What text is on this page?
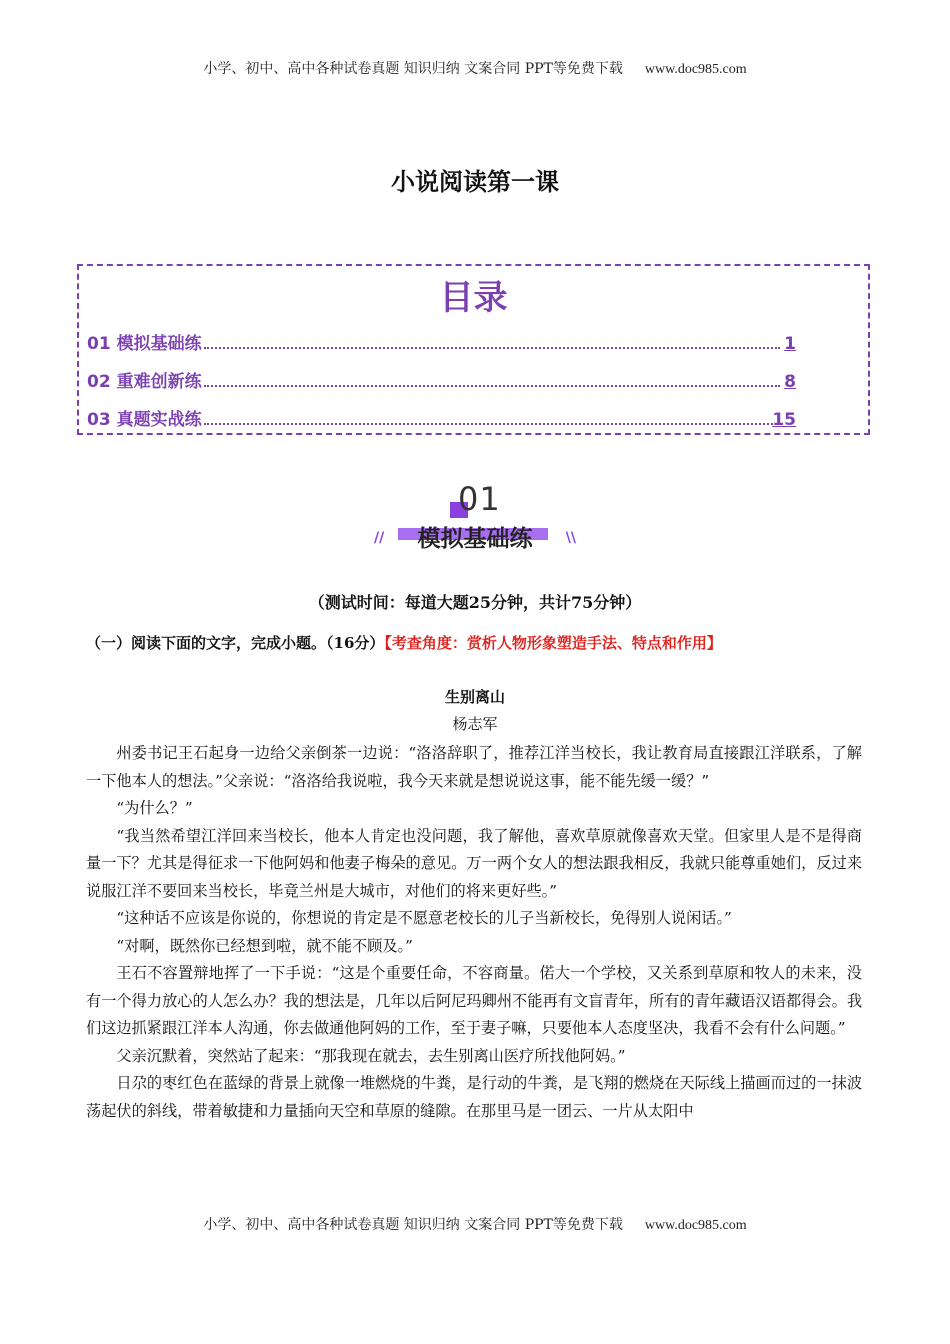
小学、初中、高中各种试卷真题 知识归纳 文案合同 PPT等免费下载 www.doc985.com
小说阅读第一课
目录
01 模拟基础练	1
02 重难创新练	8
03 真题实战练	15
01
//	模拟基础练	\\
（测试时间：每道大题25分钟，共计75分钟）
（一）阅读下面的文字，完成小题。（16分）【考查角度：赏析人物形象塑造手法、特点和作用】
生别离山
杨志军

州委书记王石起身一边给父亲倒茶一边说：“洛洛辞职了，推荐江洋当校长，我让教育局直接跟江洋联系，了解一下他本人的想法。”父亲说：“洛洛给我说啦，我今天来就是想说说这事，能不能先缓一缓？”

“为什么？”

“我当然希望江洋回来当校长，他本人肯定也没问题，我了解他，喜欢草原就像喜欢天堂。但家里人是不是得商量一下？尤其是得征求一下他阿妈和他妻子梅朵的意见。万一两个女人的想法跟我相反，我就只能尊重她们，反过来说服江洋不要回来当校长，毕竟兰州是大城市，对他们的将来更好些。”

“这种话不应该是你说的，你想说的肯定是不愿意老校长的儿子当新校长，免得别人说闲话。”

“对啊，既然你已经想到啦，就不能不顾及。”

王石不容置辩地挥了一下手说：“这是个重要任命，不容商量。偌大一个学校，又关系到草原和牧人的未来，没有一个得力放心的人怎么办？我的想法是，几年以后阿尼玛卿州不能再有文盲青年，所有的青年藏语汉语都得会。我们这边抓紧跟江洋本人沟通，你去做通他阿妈的工作，至于妻子嘛，只要他本人态度坚决，我看不会有什么问题。”

父亲沉默着，突然站了起来：“那我现在就去，去生别离山医疗所找他阿妈。”

日尕的枣红色在蓝绿的背景上就像一堆燃烧的牛粪，是行动的牛粪，是飞翔的燃烧在天际线上描画而过的一抹波荡起伏的斜线，带着敏捷和力量插向天空和草原的缝隙。在那里马是一团云、一片从太阳中

小学、初中、高中各种试卷真题 知识归纳 文案合同 PPT等免费下载 www.doc985.com
